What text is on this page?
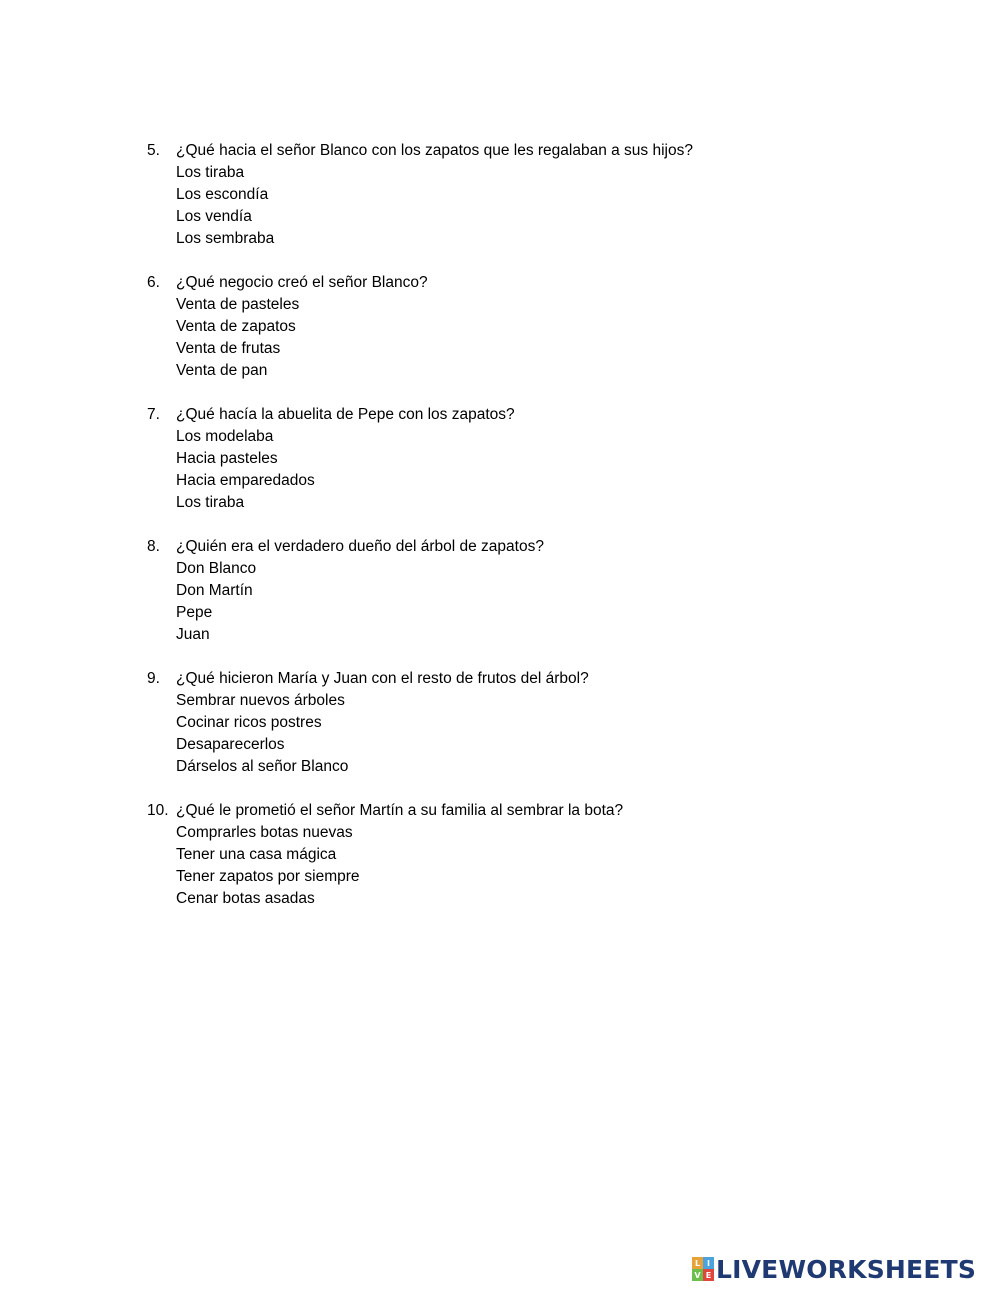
5. ¿Qué hacia el señor Blanco con los zapatos que les regalaban a sus hijos?
Los tiraba
Los escondía
Los vendía
Los sembraba
6. ¿Qué negocio creó el señor Blanco?
Venta de pasteles
Venta de zapatos
Venta de frutas
Venta de pan
7. ¿Qué hacía la abuelita de Pepe con los zapatos?
Los modelaba
Hacia pasteles
Hacia emparedados
Los tiraba
8. ¿Quién era el verdadero dueño del árbol de zapatos?
Don Blanco
Don Martín
Pepe
Juan
9. ¿Qué hicieron María y Juan con el resto de frutos del árbol?
Sembrar nuevos árboles
Cocinar ricos postres
Desaparecerlos
Dárselos al señor Blanco
10. ¿Qué le prometió el señor Martín a su familia al sembrar la bota?
Comprarles botas nuevas
Tener una casa mágica
Tener zapatos por siempre
Cenar botas asadas
L I
V E LIVEWORKSHEETS
